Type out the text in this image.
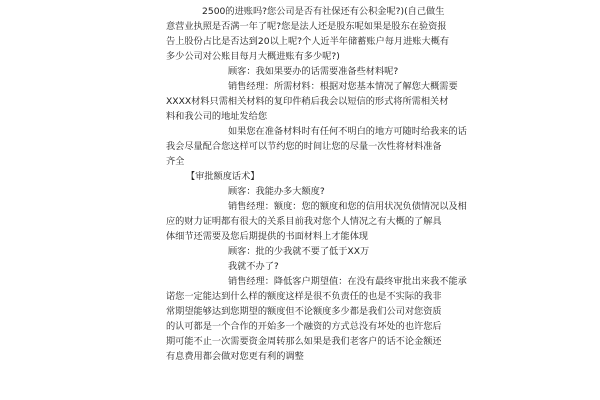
2500的进账吗?您公司是否有社保还有公积金呢?)(自己做生
意营业执照是否满一年了呢?您是法人还是股东呢如果是股东在验资报
告上股份占比是否达到20以上呢?个人近半年储蓄账户每月进账大概有
多少公司对公账目每月大概进账有多少呢?)
顾客：我如果要办的话需要准备些材料呢?
销售经理：所需材料：根据对您基本情况了解您大概需要
XXXX材料只需相关材料的复印件稍后我会以短信的形式将所需相关材
料和我公司的地址发给您
如果您在准备材料时有任何不明白的地方可随时给我来的话
我会尽量配合您这样可以节约您的时间让您的尽量一次性将材料准备
齐全
【审批额度话术】
顾客：我能办多大额度?
销售经理：额度：您的额度和您的信用状况负债情况以及相
应的财力证明都有很大的关系目前我对您个人情况之有大概的了解具
体细节还需要及您后期提供的书面材料上才能体现
顾客：批的少我就不要了低于XX万
我就不办了?
销售经理：降低客户期望值：在没有最终审批出来我不能承
诺您一定能达到什么样的额度这样是很不负责任的也是不实际的我非
常期望能够达到您期望的额度但不论额度多少都是我们公司对您资质
的认可都是一个合作的开始多一个融资的方式总没有坏处的也许您后
期可能不止一次需要资金周转那么如果是我们老客户的话不论金额还
有息费用都会做对您更有利的调整
